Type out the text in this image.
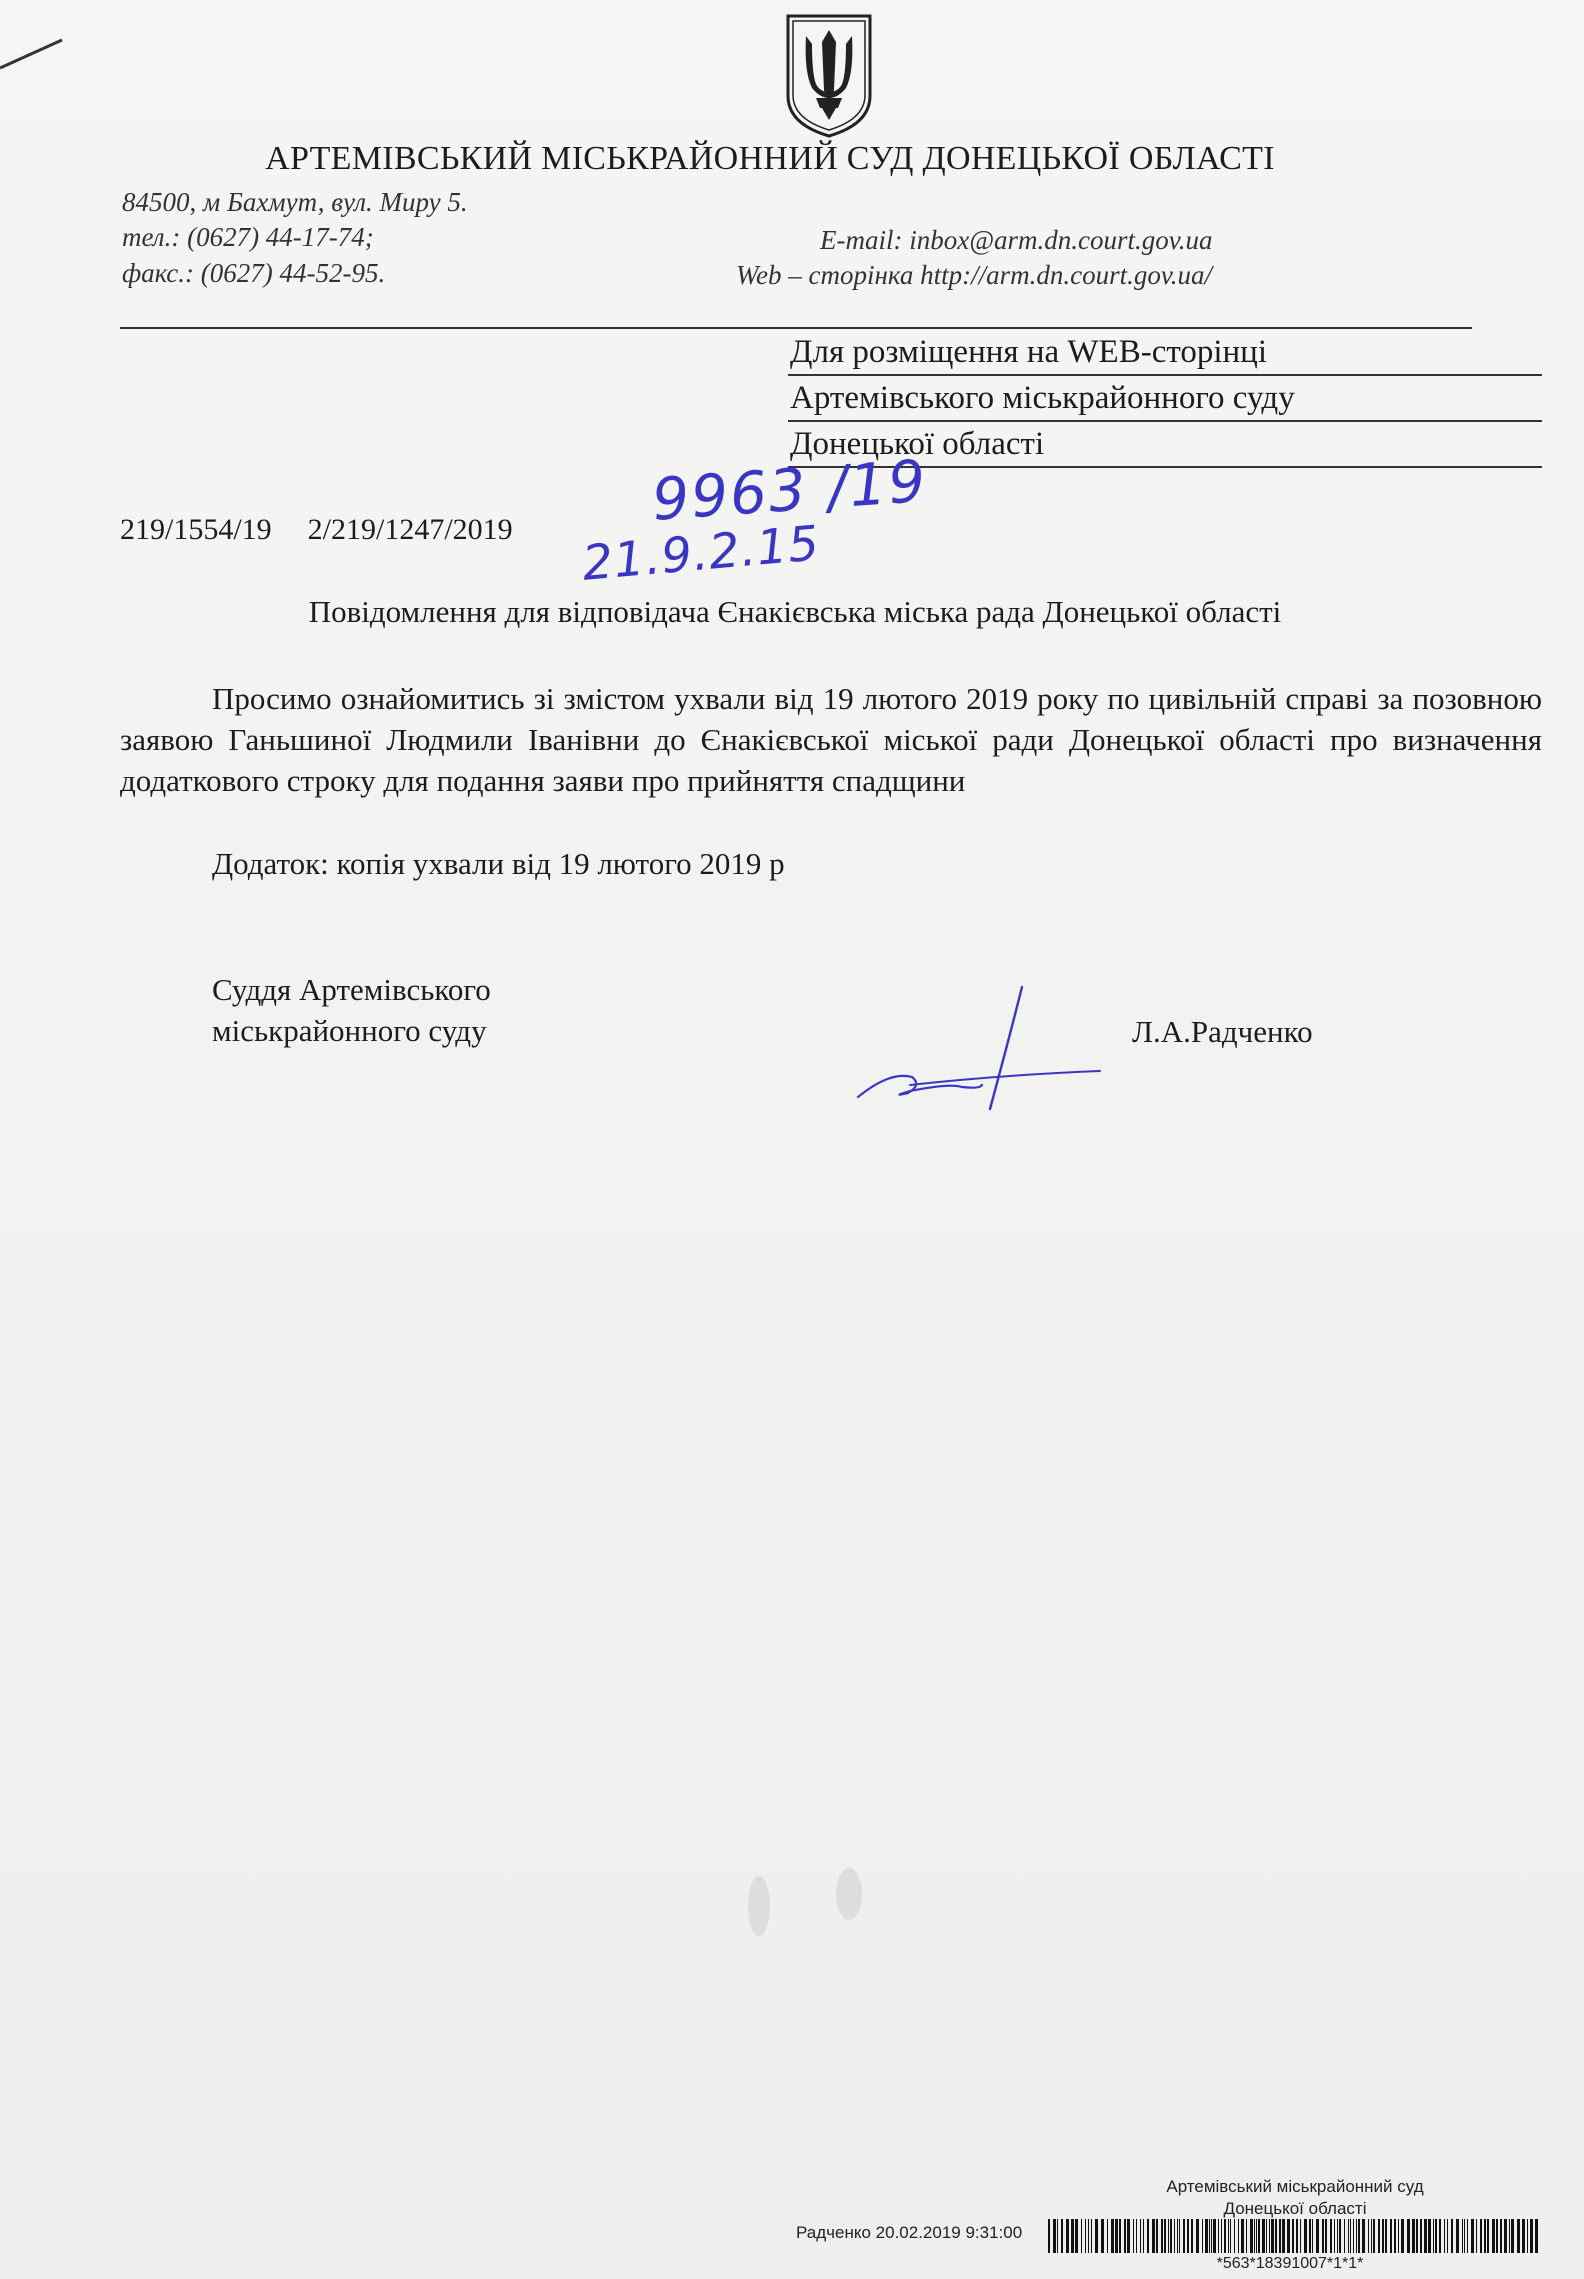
АРТЕМІВСЬКИЙ МІСЬКРАЙОННИЙ СУД ДОНЕЦЬКОЇ ОБЛАСТІ
84500, м Бахмут, вул. Миру 5.
тел.: (0627) 44-17-74;
факс.: (0627) 44-52-95.
E-mail: inbox@arm.dn.court.gov.ua
Web – сторінка http://arm.dn.court.gov.ua/
Для розміщення на WEB-сторінці
Артемівського міськрайонного суду
Донецької області
219/1554/19 2/219/1247/2019 9963 /19
21.9.2.15
Повідомлення для відповідача Єнакієвська міська рада Донецької області
Просимо ознайомитись зі змістом ухвали від 19 лютого 2019 року по цивільній справі за позовною заявою Ганьшиної Людмили Іванівни до Єнакієвської міської ради Донецької області про визначення додаткового строку для подання заяви про прийняття спадщини
Додаток: копія ухвали від 19 лютого 2019 р
Суддя Артемівського
міськрайонного суду	Л.А.Радченко
Артемівський міськрайонний суд
Донецької області
Радченко 20.02.2019 9:31:00
*563*18391007*1*1*
